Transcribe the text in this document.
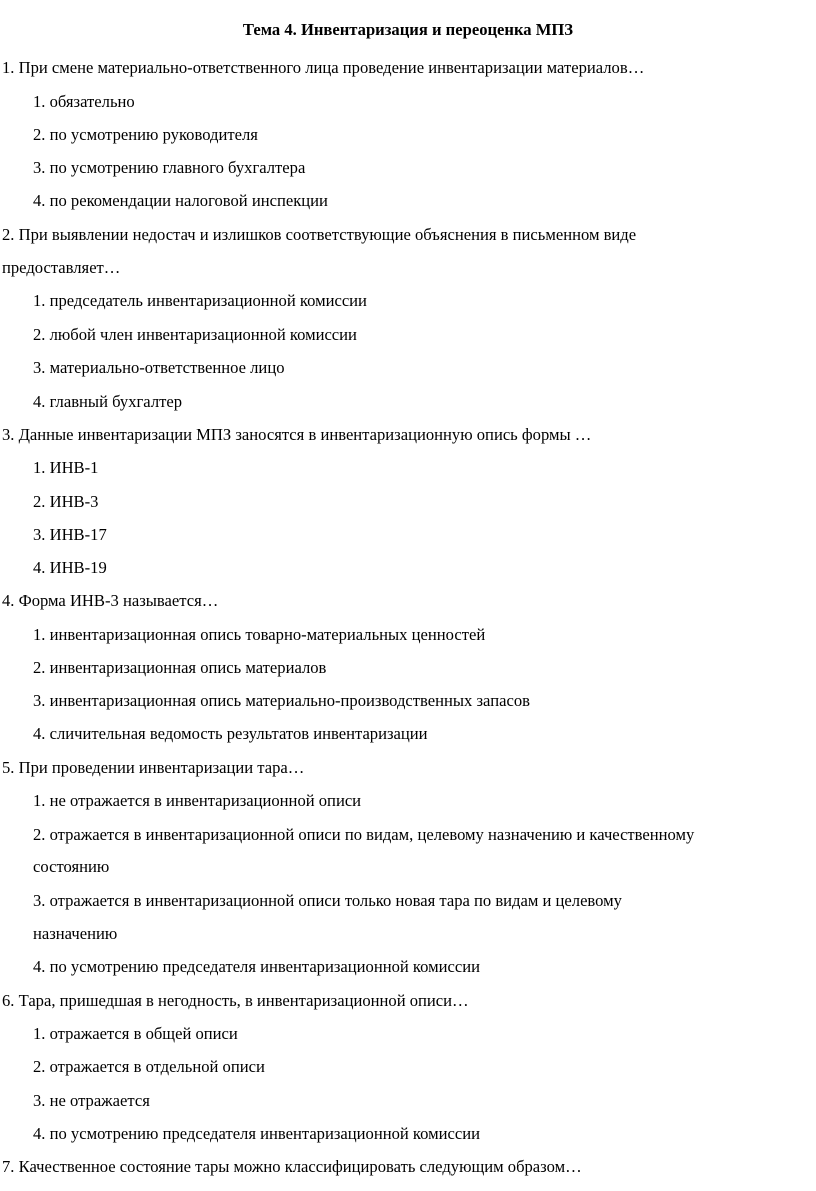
Тема 4. Инвентаризация и переоценка МПЗ
1. При смене материально-ответственного лица проведение инвентаризации материалов…
1. обязательно
2. по усмотрению руководителя
3. по усмотрению главного бухгалтера
4. по рекомендации налоговой инспекции
2. При выявлении недостач и излишков соответствующие объяснения в письменном виде
предоставляет…
1. председатель инвентаризационной комиссии
2. любой член инвентаризационной комиссии
3. материально-ответственное лицо
4. главный бухгалтер
3. Данные инвентаризации МПЗ заносятся в инвентаризационную опись формы …
1. ИНВ-1
2. ИНВ-3
3. ИНВ-17
4. ИНВ-19
4. Форма ИНВ-3 называется…
1. инвентаризационная опись товарно-материальных ценностей
2. инвентаризационная опись материалов
3. инвентаризационная опись материально-производственных запасов
4. сличительная ведомость результатов инвентаризации
5. При проведении инвентаризации тара…
1. не отражается в инвентаризационной описи
2. отражается в инвентаризационной описи по видам, целевому назначению и качественному
состоянию
3. отражается в инвентаризационной описи только новая тара по видам и целевому
назначению
4. по усмотрению председателя инвентаризационной комиссии
6. Тара, пришедшая в негодность, в инвентаризационной описи…
1. отражается в общей описи
2. отражается в отдельной описи
3. не отражается
4. по усмотрению председателя инвентаризационной комиссии
7. Качественное состояние тары можно классифицировать следующим образом…
